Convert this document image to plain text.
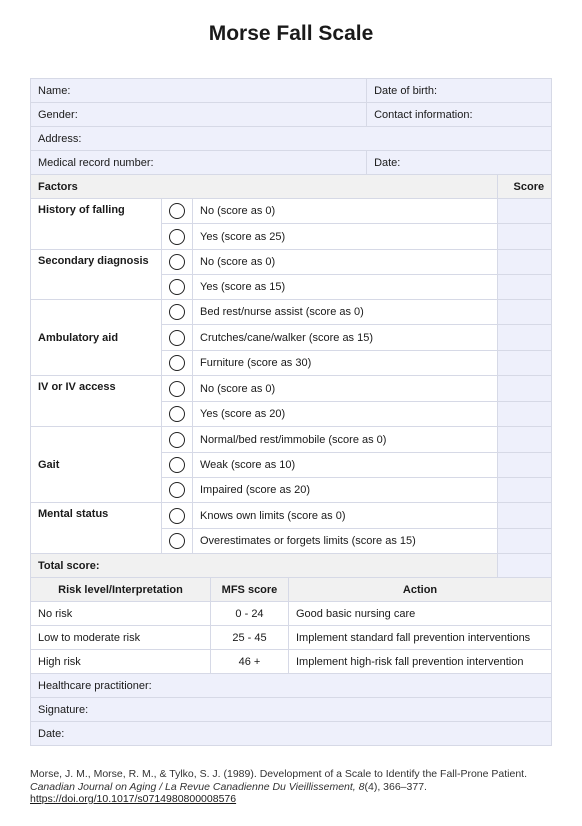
Morse Fall Scale
Name:					Date of birth:	
Gender:					Contact information:	
Address:						
Medical record number:					Date:	
Factors						Score
History of falling		No (score as 0)				

		Yes (score as 25)				
Secondary diagnosis		No (score as 0)				

		Yes (score as 15)				
Ambulatory aid		Bed rest/nurse assist (score as 0)				

		Crutches/cane/walker (score as 15)				

		Furniture (score as 30)				
IV or IV access		No (score as 0)				

		Yes (score as 20)				
Gait		Normal/bed rest/immobile (score as 0)				

		Weak (score as 10)				

		Impaired (score as 20)				
Mental status		Knows own limits (score as 0)				

		Overestimates or forgets limits (score as 15)				
Total score:						
Risk level/Interpretation			MFS score	Action		
No risk			0 - 24	Good basic nursing care		
Low to moderate risk			25 - 45	Implement standard fall prevention interventions		
High risk			46 +	Implement high-risk fall prevention intervention		
Healthcare practitioner:						
Signature:						
Date:						
Morse, J. M., Morse, R. M., & Tylko, S. J. (1989). Development of a Scale to Identify the Fall-Prone Patient. Canadian Journal on Aging / La Revue Canadienne Du Vieillissement, 8(4), 366–377.
https://doi.org/10.1017/s0714980800008576
